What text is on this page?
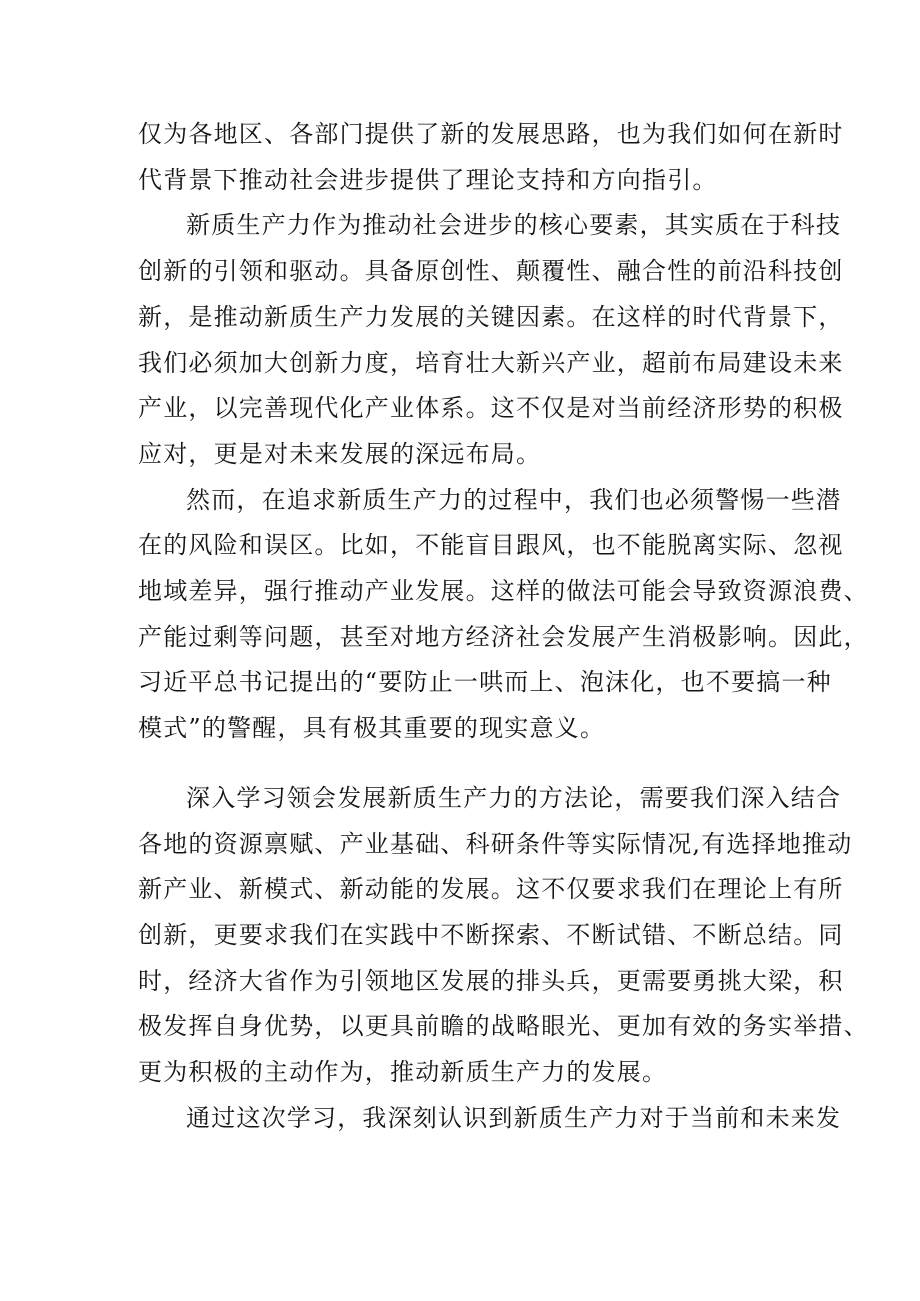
仅为各地区、各部门提供了新的发展思路，也为我们如何在新时
代背景下推动社会进步提供了理论支持和方向指引。

新质生产力作为推动社会进步的核心要素，其实质在于科技
创新的引领和驱动。具备原创性、颠覆性、融合性的前沿科技创
新，是推动新质生产力发展的关键因素。在这样的时代背景下，
我们必须加大创新力度，培育壮大新兴产业，超前布局建设未来
产业，以完善现代化产业体系。这不仅是对当前经济形势的积极
应对，更是对未来发展的深远布局。

然而，在追求新质生产力的过程中，我们也必须警惕一些潜
在的风险和误区。比如，不能盲目跟风，也不能脱离实际、忽视
地域差异，强行推动产业发展。这样的做法可能会导致资源浪费、
产能过剩等问题，甚至对地方经济社会发展产生消极影响。因此，
习近平总书记提出的“要防止一哄而上、泡沫化，也不要搞一种
模式”的警醒，具有极其重要的现实意义。

深入学习领会发展新质生产力的方法论，需要我们深入结合
各地的资源禀赋、产业基础、科研条件等实际情况,有选择地推动
新产业、新模式、新动能的发展。这不仅要求我们在理论上有所
创新，更要求我们在实践中不断探索、不断试错、不断总结。同
时，经济大省作为引领地区发展的排头兵，更需要勇挑大梁，积
极发挥自身优势，以更具前瞻的战略眼光、更加有效的务实举措、
更为积极的主动作为，推动新质生产力的发展。

通过这次学习，我深刻认识到新质生产力对于当前和未来发
